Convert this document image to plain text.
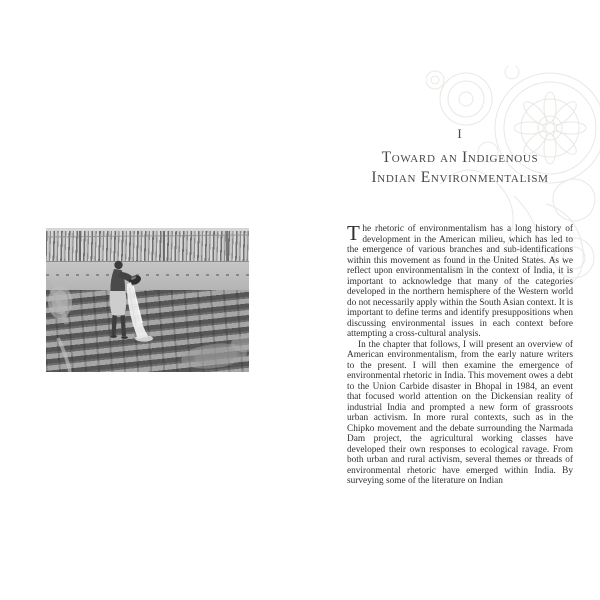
I
Toward an Indigenous
Indian Environmentalism

The rhetoric of environmentalism has a long history of development in the American milieu, which has led to the emergence of various branches and sub-identifications within this movement as found in the United States. As we reflect upon environmentalism in the context of India, it is important to acknowledge that many of the categories developed in the northern hemisphere of the Western world do not necessarily apply within the South Asian context. It is important to define terms and identify presuppositions when discussing environmental issues in each context before attempting a cross-cultural analysis.

In the chapter that follows, I will present an overview of American environmentalism, from the early nature writers to the present. I will then examine the emergence of environmental rhetoric in India. This movement owes a debt to the Union Carbide disaster in Bhopal in 1984, an event that focused world attention on the Dickensian reality of industrial India and prompted a new form of grassroots urban activism. In more rural contexts, such as in the Chipko movement and the debate surrounding the Narmada Dam project, the agricultural working classes have developed their own responses to ecological ravage. From both urban and rural activism, several themes or threads of environmental rhetoric have emerged within India. By surveying some of the literature on Indian
